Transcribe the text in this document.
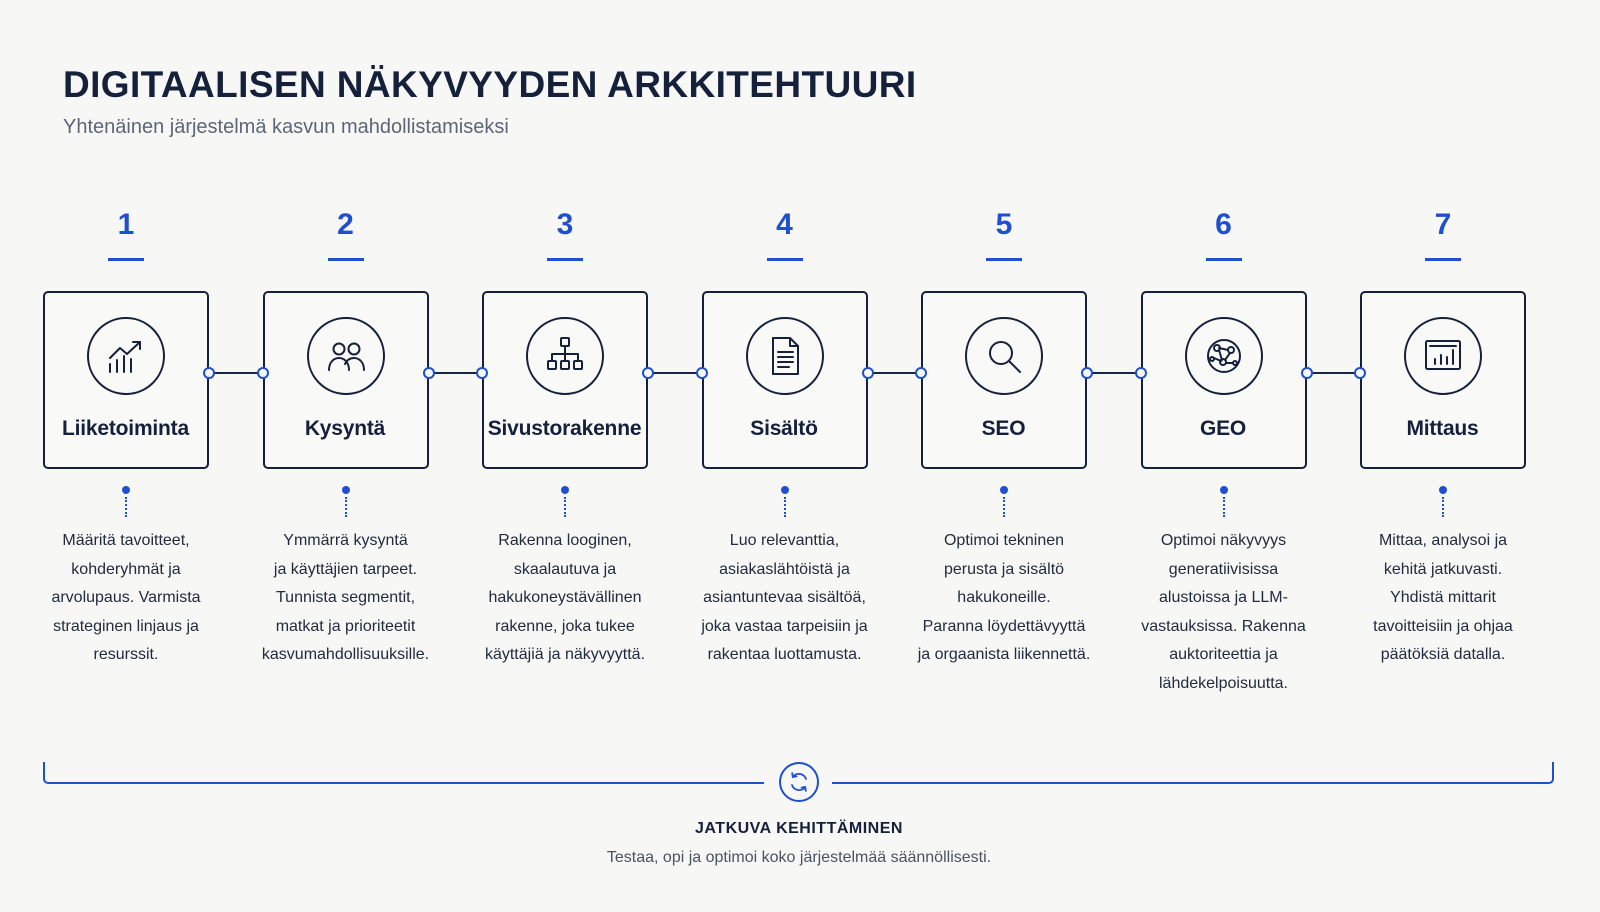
DIGITAALISEN NÄKYVYYDEN ARKKITEHTUURI
Yhtenäinen järjestelmä kasvun mahdollistamiseksi
1
Liiketoiminta
Määritä tavoitteet,
kohderyhmät ja
arvolupaus. Varmista
strateginen linjaus ja
resurssit.
2
Kysyntä
Ymmärrä kysyntä
ja käyttäjien tarpeet.
Tunnista segmentit,
matkat ja prioriteetit
kasvumahdollisuuksille.
3
Sivustorakenne
Rakenna looginen,
skaalautuva ja
hakukoneystävällinen
rakenne, joka tukee
käyttäjiä ja näkyvyyttä.
4
Sisältö
Luo relevanttia,
asiakaslähtöistä ja
asiantuntevaa sisältöä,
joka vastaa tarpeisiin ja
rakentaa luottamusta.
5
SEO
Optimoi tekninen
perusta ja sisältö
hakukoneille.
Paranna löydettävyyttä
ja orgaanista liikennettä.
6
GEO
Optimoi näkyvyys
generatiivisissa
alustoissa ja LLM-
vastauksissa. Rakenna
auktoriteettia ja
lähdekelpoisuutta.
7
Mittaus
Mittaa, analysoi ja
kehitä jatkuvasti.
Yhdistä mittarit
tavoitteisiin ja ohjaa
päätöksiä datalla.
JATKUVA KEHITTÄMINEN
Testaa, opi ja optimoi koko järjestelmää säännöllisesti.
